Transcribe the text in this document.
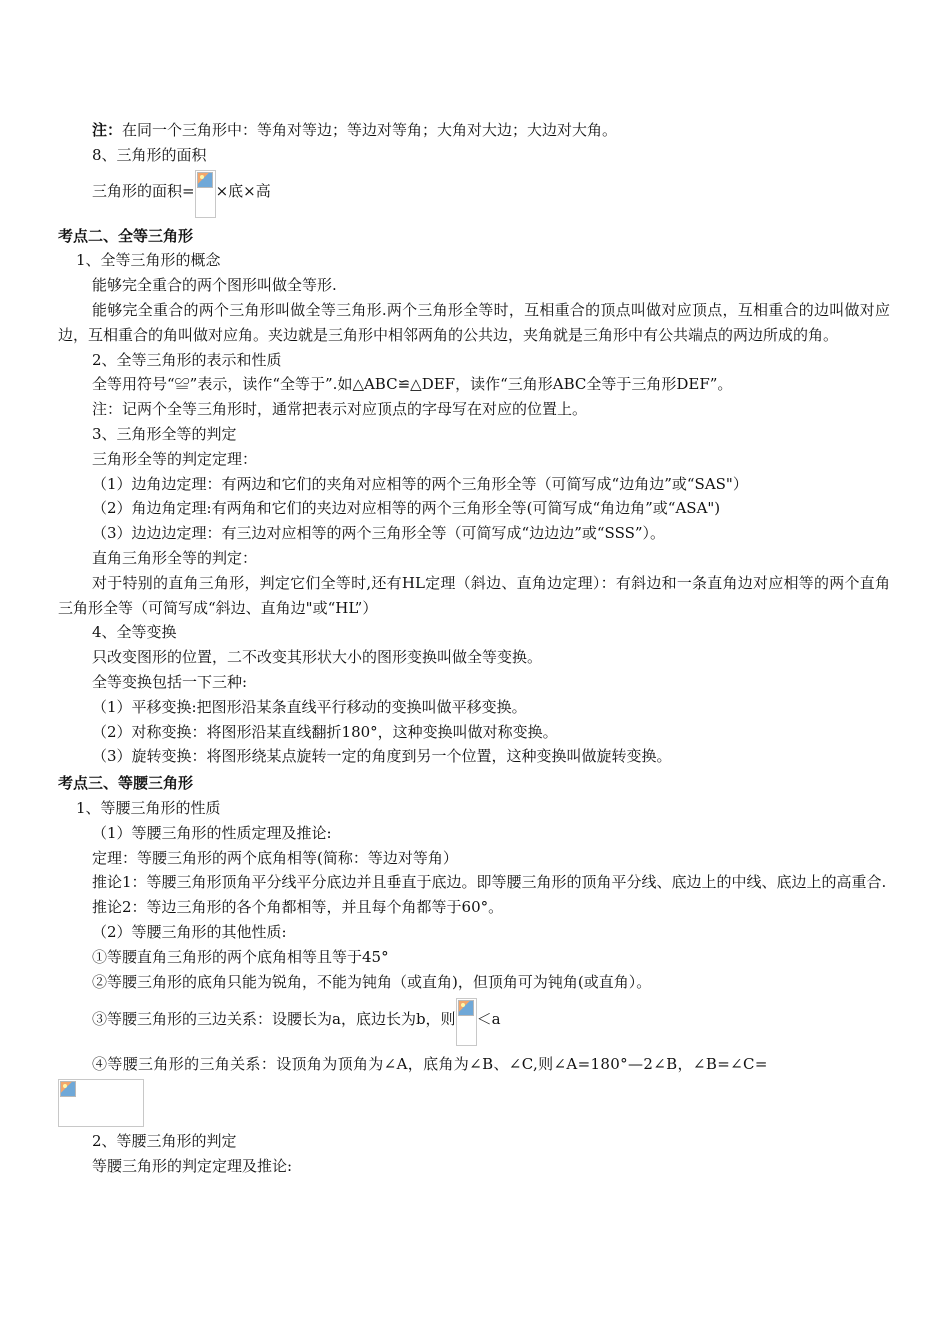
注：在同一个三角形中：等角对等边；等边对等角；大角对大边；大边对大角。

8、三角形的面积

三角形的面积= ×底×高

考点二、全等三角形

1、全等三角形的概念

能够完全重合的两个图形叫做全等形.

能够完全重合的两个三角形叫做全等三角形.两个三角形全等时，互相重合的顶点叫做对应顶点，互相重合的边叫做对应边，互相重合的角叫做对应角。夹边就是三角形中相邻两角的公共边，夹角就是三角形中有公共端点的两边所成的角。

2、全等三角形的表示和性质

全等用符号“≌”表示，读作“全等于”.如△ABC≌△DEF，读作“三角形ABC全等于三角形DEF”。

注：记两个全等三角形时，通常把表示对应顶点的字母写在对应的位置上。

3、三角形全等的判定

三角形全等的判定定理：

（1）边角边定理：有两边和它们的夹角对应相等的两个三角形全等（可简写成“边角边”或“SAS"）

（2）角边角定理:有两角和它们的夹边对应相等的两个三角形全等(可简写成“角边角”或“ASA")

（3）边边边定理：有三边对应相等的两个三角形全等（可简写成“边边边”或“SSS”）。

直角三角形全等的判定：

对于特别的直角三角形，判定它们全等时,还有HL定理（斜边、直角边定理）：有斜边和一条直角边对应相等的两个直角三角形全等（可简写成“斜边、直角边"或“HL”）

4、全等变换

只改变图形的位置，二不改变其形状大小的图形变换叫做全等变换。

全等变换包括一下三种:

（1）平移变换:把图形沿某条直线平行移动的变换叫做平移变换。

（2）对称变换：将图形沿某直线翻折180°，这种变换叫做对称变换。

（3）旋转变换：将图形绕某点旋转一定的角度到另一个位置，这种变换叫做旋转变换。

考点三、等腰三角形

1、等腰三角形的性质

（1）等腰三角形的性质定理及推论:

定理：等腰三角形的两个底角相等(简称：等边对等角）

推论1：等腰三角形顶角平分线平分底边并且垂直于底边。即等腰三角形的顶角平分线、底边上的中线、底边上的高重合.

推论2：等边三角形的各个角都相等，并且每个角都等于60°。

（2）等腰三角形的其他性质:

①等腰直角三角形的两个底角相等且等于45°

②等腰三角形的底角只能为锐角，不能为钝角（或直角)，但顶角可为钝角(或直角）。

③等腰三角形的三边关系：设腰长为a，底边长为b，则 ＜a

④等腰三角形的三角关系：设顶角为顶角为∠A，底角为∠B、∠C,则∠A=180°—2∠B，∠B=∠C=

2、等腰三角形的判定

等腰三角形的判定定理及推论:
